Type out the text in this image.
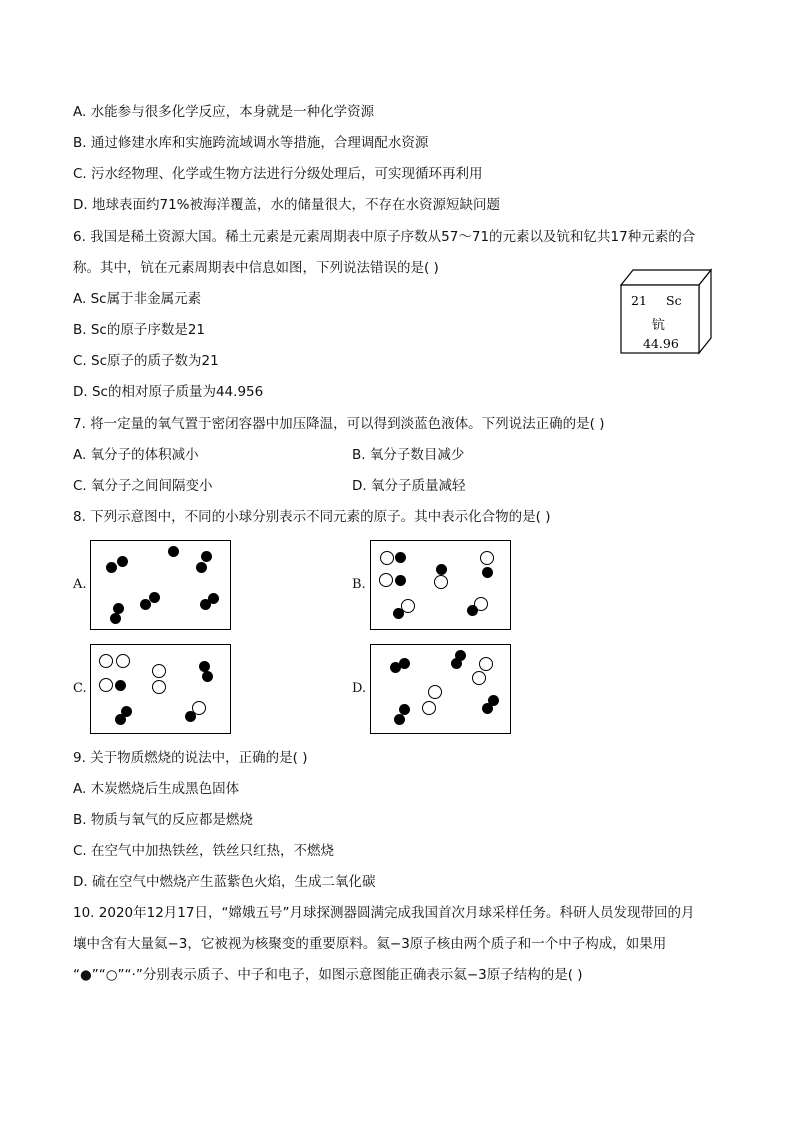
A. 水能参与很多化学反应，本身就是一种化学资源
B. 通过修建水库和实施跨流域调水等措施，合理调配水资源
C. 污水经物理、化学或生物方法进行分级处理后，可实现循环再利用
D. 地球表面约71%被海洋覆盖，水的储量很大，不存在水资源短缺问题
6. 我国是稀土资源大国。稀土元素是元素周期表中原子序数从57～71的元素以及钪和钇共17种元素的合
称。其中，钪在元素周期表中信息如图，下列说法错误的是( )
A. Sc属于非金属元素
B. Sc的原子序数是21
C. Sc原子的质子数为21
D. Sc的相对原子质量为44.956
21 Sc
钪
44.96
7. 将一定量的氧气置于密闭容器中加压降温，可以得到淡蓝色液体。下列说法正确的是( )
A. 氧分子的体积减小	B. 氧分子数目减少
C. 氧分子之间间隔变小	D. 氧分子质量减轻
8. 下列示意图中，不同的小球分别表示不同元素的原子。其中表示化合物的是( )
A.	B.
C.	D.
9. 关于物质燃烧的说法中，正确的是( )
A. 木炭燃烧后生成黑色固体
B. 物质与氧气的反应都是燃烧
C. 在空气中加热铁丝，铁丝只红热，不燃烧
D. 硫在空气中燃烧产生蓝紫色火焰，生成二氧化碳
10. 2020年12月17日，“嫦娥五号”月球探测器圆满完成我国首次月球采样任务。科研人员发现带回的月
壤中含有大量氦−3，它被视为核聚变的重要原料。氦−3原子核由两个质子和一个中子构成，如果用
“●”“○”“·”分别表示质子、中子和电子，如图示意图能正确表示氦−3原子结构的是( )
